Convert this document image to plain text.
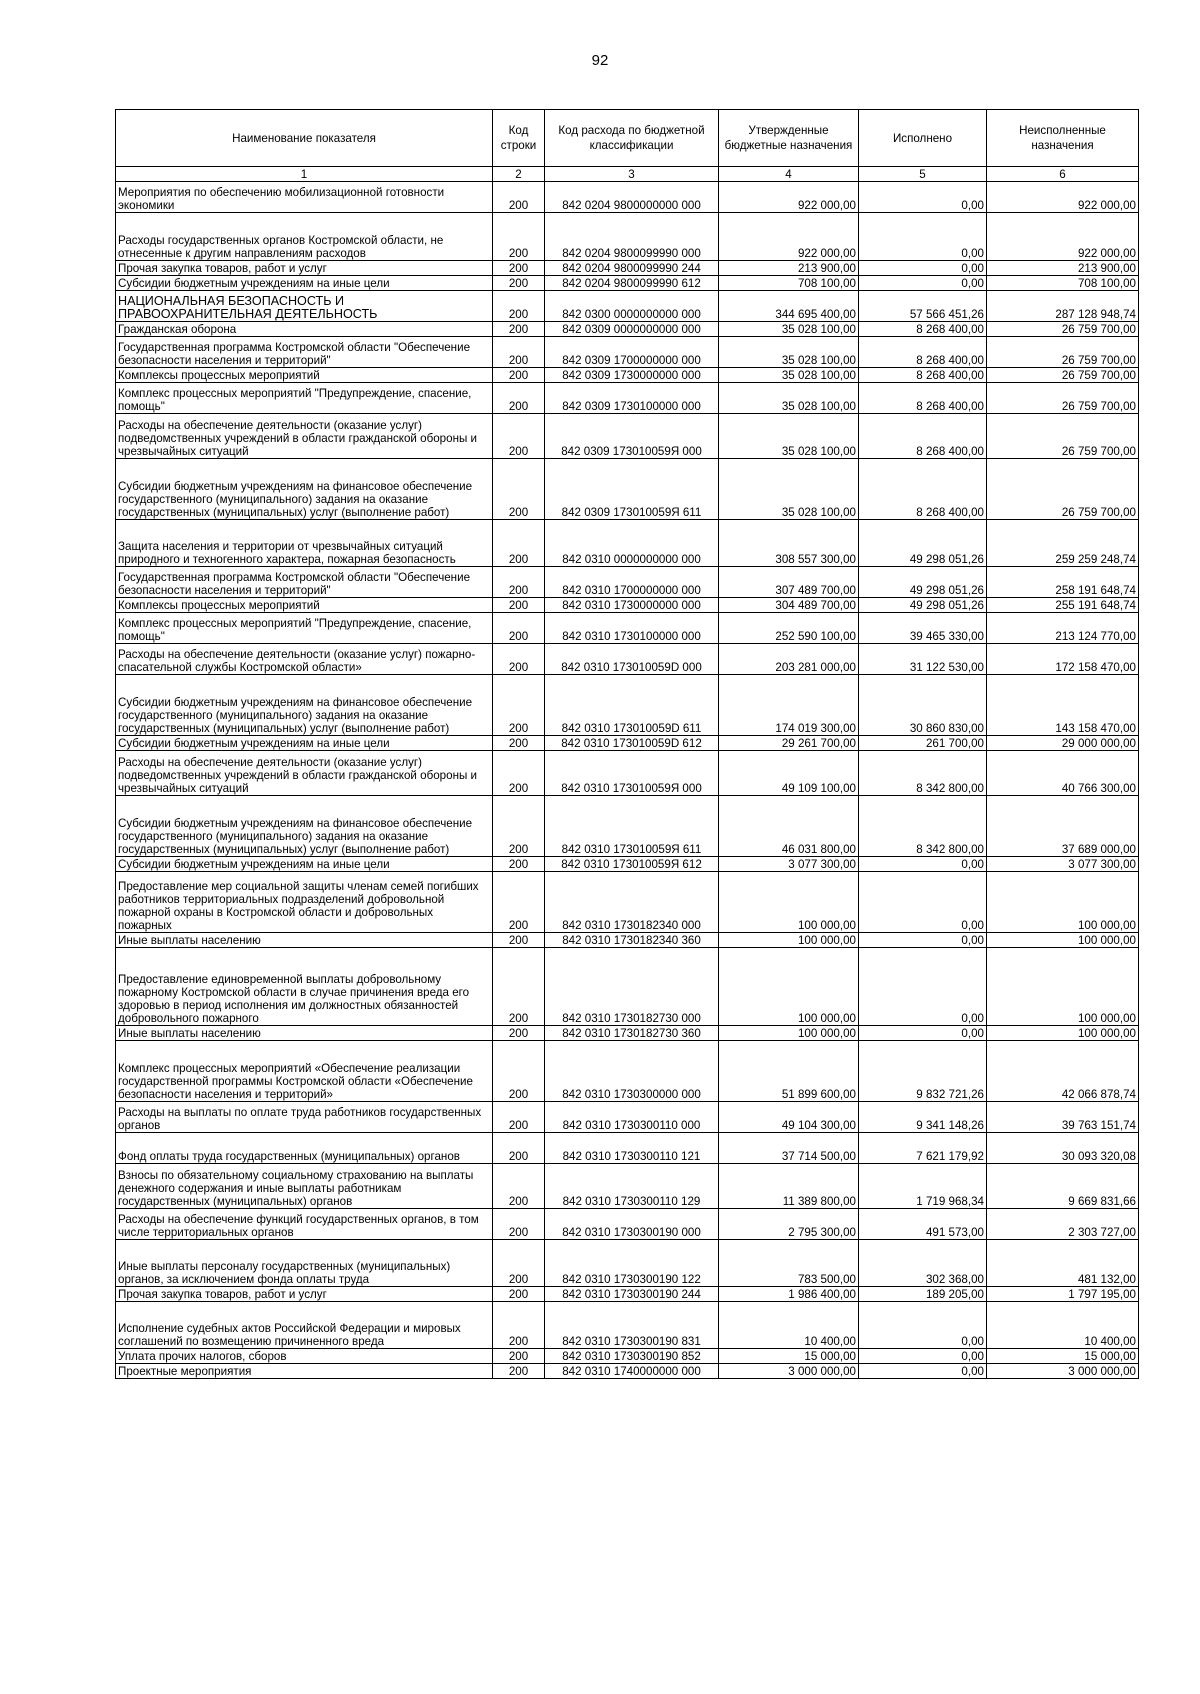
92
Наименование показателя	Код строки	Код расхода по бюджетной классификации	Утвержденные бюджетные назначения	Исполнено	Неисполненные назначения
1	2	3	4	5	6
Мероприятия по обеспечению мобилизационной готовности экономики	200	842 0204 9800000000 000	922 000,00	0,00	922 000,00
Расходы государственных органов Костромской области, не отнесенные к другим направлениям расходов	200	842 0204 9800099990 000	922 000,00	0,00	922 000,00
Прочая закупка товаров, работ и услуг	200	842 0204 9800099990 244	213 900,00	0,00	213 900,00
Субсидии бюджетным учреждениям на иные цели	200	842 0204 9800099990 612	708 100,00	0,00	708 100,00
НАЦИОНАЛЬНАЯ БЕЗОПАСНОСТЬ И ПРАВООХРАНИТЕЛЬНАЯ ДЕЯТЕЛЬНОСТЬ	200	842 0300 0000000000 000	344 695 400,00	57 566 451,26	287 128 948,74
Гражданская оборона	200	842 0309 0000000000 000	35 028 100,00	8 268 400,00	26 759 700,00
Государственная программа Костромской области "Обеспечение безопасности населения и территорий"	200	842 0309 1700000000 000	35 028 100,00	8 268 400,00	26 759 700,00
Комплексы процессных мероприятий	200	842 0309 1730000000 000	35 028 100,00	8 268 400,00	26 759 700,00
Комплекс процессных мероприятий "Предупреждение, спасение, помощь"	200	842 0309 1730100000 000	35 028 100,00	8 268 400,00	26 759 700,00
Расходы на обеспечение деятельности (оказание услуг) подведомственных учреждений в области гражданской обороны и чрезвычайных ситуаций	200	842 0309 173010059Я 000	35 028 100,00	8 268 400,00	26 759 700,00
Субсидии бюджетным учреждениям на финансовое обеспечение государственного (муниципального) задания на оказание государственных (муниципальных) услуг (выполнение работ)	200	842 0309 173010059Я 611	35 028 100,00	8 268 400,00	26 759 700,00
Защита населения и территории от чрезвычайных ситуаций природного и техногенного характера, пожарная безопасность	200	842 0310 0000000000 000	308 557 300,00	49 298 051,26	259 259 248,74
Государственная программа Костромской области "Обеспечение безопасности населения и территорий"	200	842 0310 1700000000 000	307 489 700,00	49 298 051,26	258 191 648,74
Комплексы процессных мероприятий	200	842 0310 1730000000 000	304 489 700,00	49 298 051,26	255 191 648,74
Комплекс процессных мероприятий "Предупреждение, спасение, помощь"	200	842 0310 1730100000 000	252 590 100,00	39 465 330,00	213 124 770,00
Расходы на обеспечение деятельности (оказание услуг) пожарно-спасательной службы Костромской области»	200	842 0310 173010059D 000	203 281 000,00	31 122 530,00	172 158 470,00
Субсидии бюджетным учреждениям на финансовое обеспечение государственного (муниципального) задания на оказание государственных (муниципальных) услуг (выполнение работ)	200	842 0310 173010059D 611	174 019 300,00	30 860 830,00	143 158 470,00
Субсидии бюджетным учреждениям на иные цели	200	842 0310 173010059D 612	29 261 700,00	261 700,00	29 000 000,00
Расходы на обеспечение деятельности (оказание услуг) подведомственных учреждений в области гражданской обороны и чрезвычайных ситуаций	200	842 0310 173010059Я 000	49 109 100,00	8 342 800,00	40 766 300,00
Субсидии бюджетным учреждениям на финансовое обеспечение государственного (муниципального) задания на оказание государственных (муниципальных) услуг (выполнение работ)	200	842 0310 173010059Я 611	46 031 800,00	8 342 800,00	37 689 000,00
Субсидии бюджетным учреждениям на иные цели	200	842 0310 173010059Я 612	3 077 300,00	0,00	3 077 300,00
Предоставление мер социальной защиты членам семей погибших работников территориальных подразделений добровольной пожарной охраны в Костромской области и добровольных пожарных	200	842 0310 1730182340 000	100 000,00	0,00	100 000,00
Иные выплаты населению	200	842 0310 1730182340 360	100 000,00	0,00	100 000,00
Предоставление единовременной выплаты добровольному пожарному Костромской области в случае причинения вреда его здоровью в период исполнения им должностных обязанностей добровольного пожарного	200	842 0310 1730182730 000	100 000,00	0,00	100 000,00
Иные выплаты населению	200	842 0310 1730182730 360	100 000,00	0,00	100 000,00
Комплекс процессных мероприятий «Обеспечение реализации государственной программы Костромской области «Обеспечение безопасности населения и территорий»	200	842 0310 1730300000 000	51 899 600,00	9 832 721,26	42 066 878,74
Расходы на выплаты по оплате труда работников государственных органов	200	842 0310 1730300110 000	49 104 300,00	9 341 148,26	39 763 151,74
Фонд оплаты труда государственных (муниципальных) органов	200	842 0310 1730300110 121	37 714 500,00	7 621 179,92	30 093 320,08
Взносы по обязательному социальному страхованию на выплаты денежного содержания и иные выплаты работникам государственных (муниципальных) органов	200	842 0310 1730300110 129	11 389 800,00	1 719 968,34	9 669 831,66
Расходы на обеспечение функций государственных органов, в том числе территориальных органов	200	842 0310 1730300190 000	2 795 300,00	491 573,00	2 303 727,00
Иные выплаты персоналу государственных (муниципальных) органов, за исключением фонда оплаты труда	200	842 0310 1730300190 122	783 500,00	302 368,00	481 132,00
Прочая закупка товаров, работ и услуг	200	842 0310 1730300190 244	1 986 400,00	189 205,00	1 797 195,00
Исполнение судебных актов Российской Федерации и мировых соглашений по возмещению причиненного вреда	200	842 0310 1730300190 831	10 400,00	0,00	10 400,00
Уплата прочих налогов, сборов	200	842 0310 1730300190 852	15 000,00	0,00	15 000,00
Проектные мероприятия	200	842 0310 1740000000 000	3 000 000,00	0,00	3 000 000,00
